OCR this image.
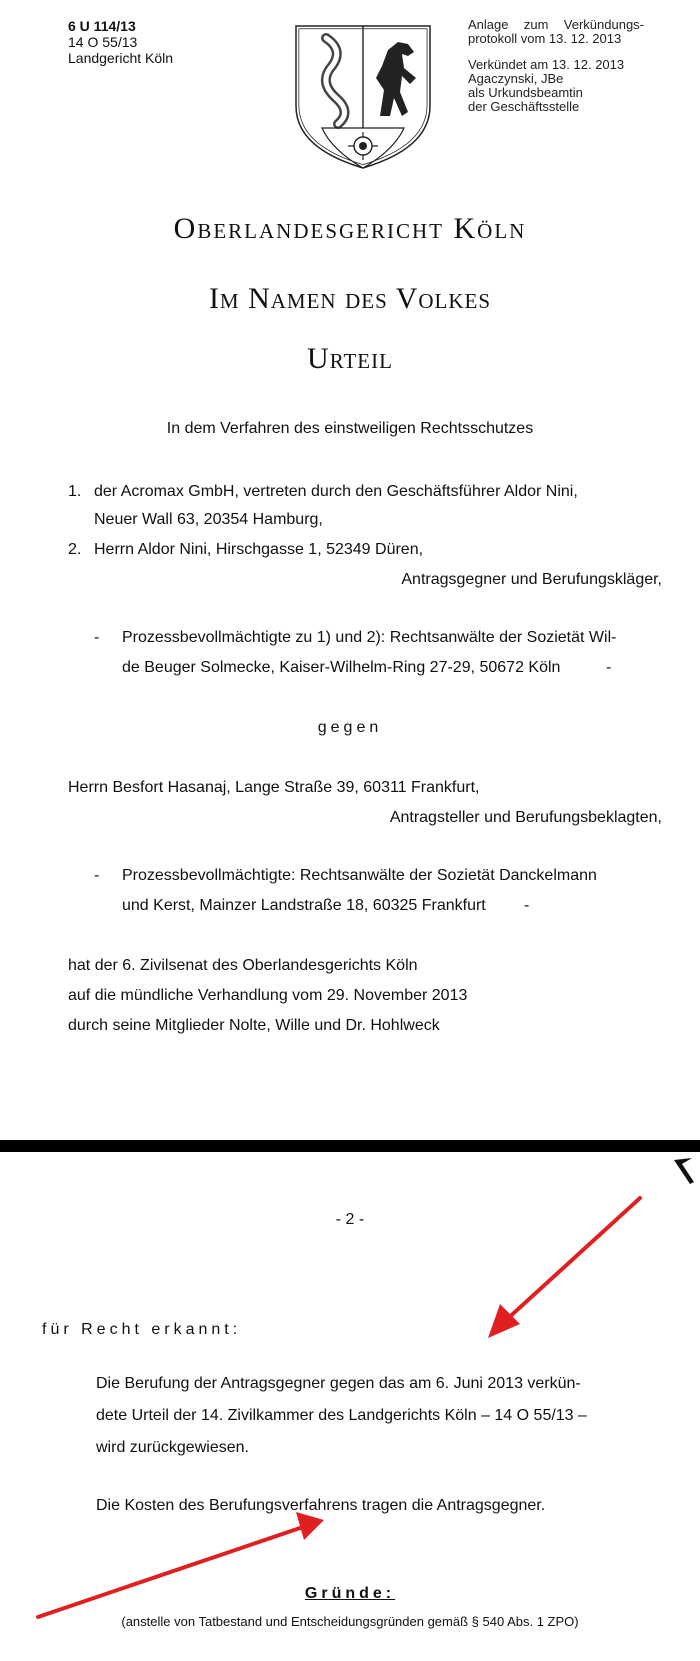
6 U 114/13
14 O 55/13
Landgericht Köln
Anlage zum Verkündungs-
protokoll vom 13. 12. 2013
Verkündet am 13. 12. 2013
Agaczynski, JBe
als Urkundsbeamtin
der Geschäftsstelle
Oberlandesgericht Köln
Im Namen des Volkes
Urteil
In dem Verfahren des einstweiligen Rechtsschutzes
1. der Acromax GmbH, vertreten durch den Geschäftsführer Aldor Nini,
Neuer Wall 63, 20354 Hamburg,
2. Herrn Aldor Nini, Hirschgasse 1, 52349 Düren,
Antragsgegner und Berufungskläger,
- Prozessbevollmächtigte zu 1) und 2): Rechtsanwälte der Sozietät Wil-
de Beuger Solmecke, Kaiser-Wilhelm-Ring 27-29, 50672 Köln	-
gegen
Herrn Besfort Hasanaj, Lange Straße 39, 60311 Frankfurt,
Antragsteller und Berufungsbeklagten,
- Prozessbevollmächtigte: Rechtsanwälte der Sozietät Danckelmann
und Kerst, Mainzer Landstraße 18, 60325 Frankfurt -
hat der 6. Zivilsenat des Oberlandesgerichts Köln
auf die mündliche Verhandlung vom 29. November 2013
durch seine Mitglieder Nolte, Wille und Dr. Hohlweck
- 2 -
für Recht erkannt:
Die Berufung der Antragsgegner gegen das am 6. Juni 2013 verkün-
dete Urteil der 14. Zivilkammer des Landgerichts Köln – 14 O 55/13 –
wird zurückgewiesen.
Die Kosten des Berufungsverfahrens tragen die Antragsgegner.
Gründe:
(anstelle von Tatbestand und Entscheidungsgründen gemäß § 540 Abs. 1 ZPO)
